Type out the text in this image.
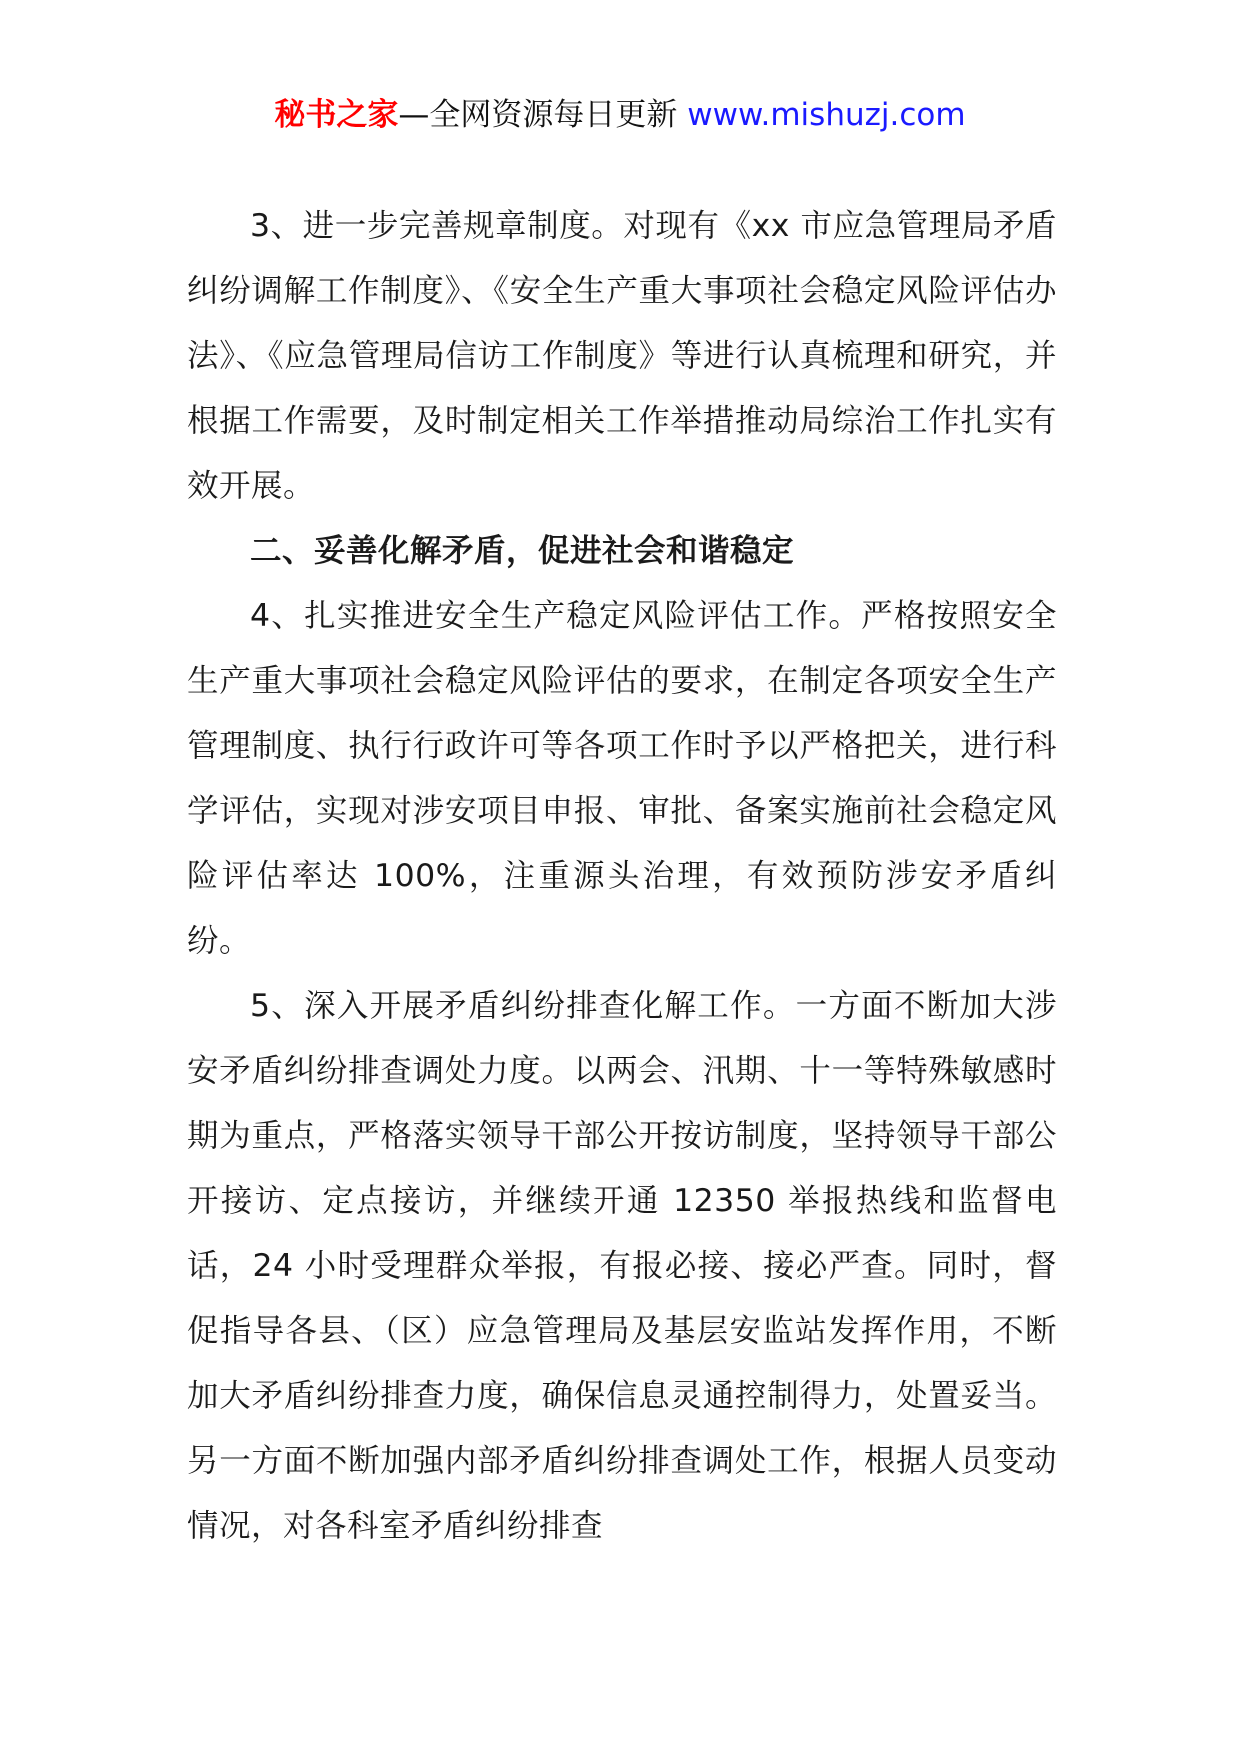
秘书之家—全网资源每日更新 www.mishuzj.com

3、进一步完善规章制度。对现有《xx 市应急管理局矛盾纠纷调解工作制度》、《安全生产重大事项社会稳定风险评估办法》、《应急管理局信访工作制度》等进行认真梳理和研究，并根据工作需要，及时制定相关工作举措推动局综治工作扎实有效开展。

二、妥善化解矛盾，促进社会和谐稳定

4、扎实推进安全生产稳定风险评估工作。严格按照安全生产重大事项社会稳定风险评估的要求，在制定各项安全生产管理制度、执行行政许可等各项工作时予以严格把关，进行科学评估，实现对涉安项目申报、审批、备案实施前社会稳定风险评估率达 100%，注重源头治理，有效预防涉安矛盾纠纷。

5、深入开展矛盾纠纷排查化解工作。一方面不断加大涉安矛盾纠纷排查调处力度。以两会、汛期、十一等特殊敏感时期为重点，严格落实领导干部公开按访制度，坚持领导干部公开接访、定点接访，并继续开通 12350 举报热线和监督电话，24 小时受理群众举报，有报必接、接必严查。同时，督促指导各县、（区）应急管理局及基层安监站发挥作用，不断加大矛盾纠纷排查力度，确保信息灵通控制得力，处置妥当。另一方面不断加强内部矛盾纠纷排查调处工作，根据人员变动情况，对各科室矛盾纠纷排查
